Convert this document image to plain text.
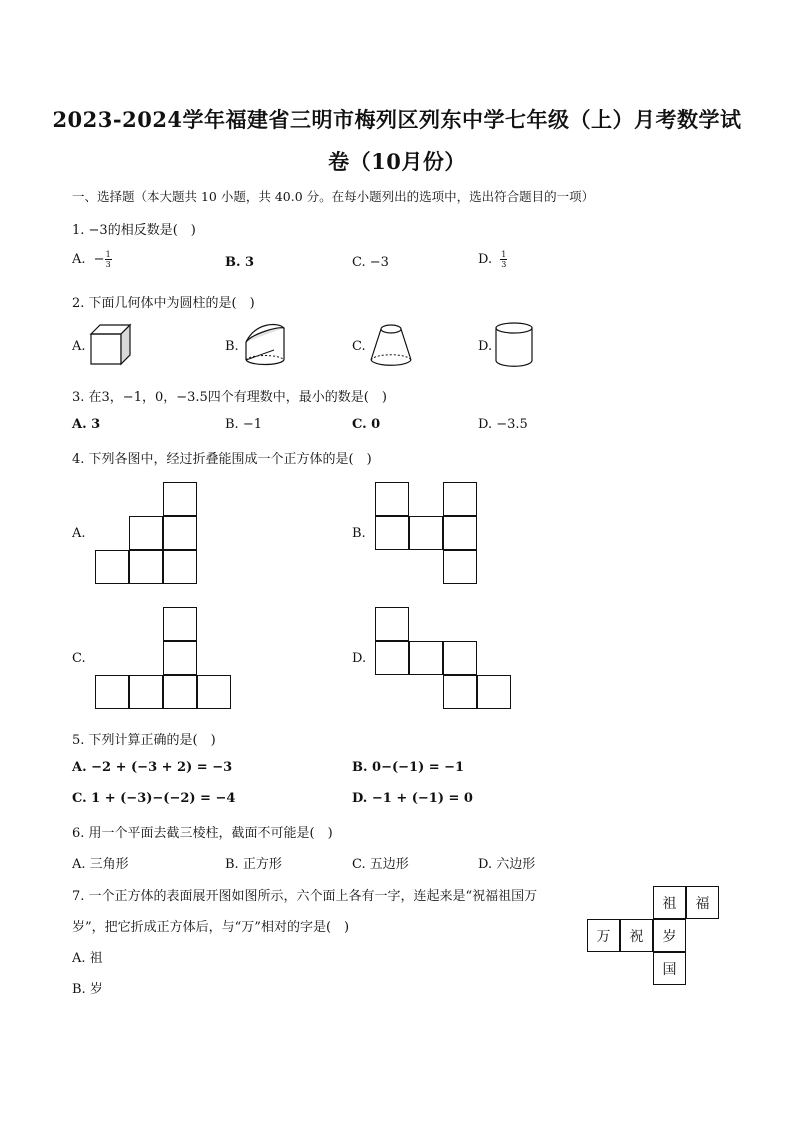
2023-2024学年福建省三明市梅列区列东中学七年级（上）月考数学试
卷（10月份）
一、选择题（本大题共 10 小题，共 40.0 分。在每小题列出的选项中，选出符合题目的一项）
1. −3的相反数是(　)
A. − $\frac{1}{3}$	B. 3	C. −3	D. $\frac{1}{3}$
2. 下面几何体中为圆柱的是(　)
A.	B.	C.	D.
3. 在3，−1，0，−3.5四个有理数中，最小的数是(　)
A. 3	B. −1	C. 0	D. −3.5
4. 下列各图中，经过折叠能围成一个正方体的是(　)
A.	B.
C.	D.
5. 下列计算正确的是(　)
A. −2 + (−3 + 2) = −3	B. 0−(−1) = −1
C. 1 + (−3)−(−2) = −4	D. −1 + (−1) = 0
6. 用一个平面去截三棱柱，截面不可能是(　)
A. 三角形	B. 正方形	C. 五边形	D. 六边形
7. 一个正方体的表面展开图如图所示，六个面上各有一字，连起来是“祝福祖国万
岁”，把它折成正方体后，与“万”相对的字是(　)
A. 祖
B. 岁
祖	福
万	祝	岁
国
